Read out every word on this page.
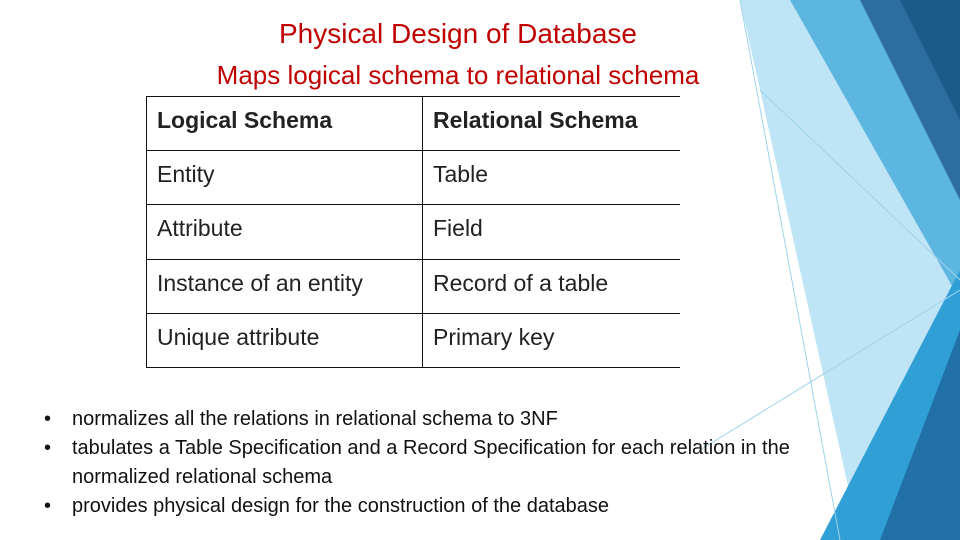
Physical Design of Database
Maps logical schema to relational schema
Logical Schema	Relational Schema
Entity	Table
Attribute	Field
Instance of an entity	Record of a table
Unique attribute	Primary key
• normalizes all the relations in relational schema to 3NF
• tabulates a Table Specification and a Record Specification for each relation in the normalized relational schema
• provides physical design for the construction of the database
